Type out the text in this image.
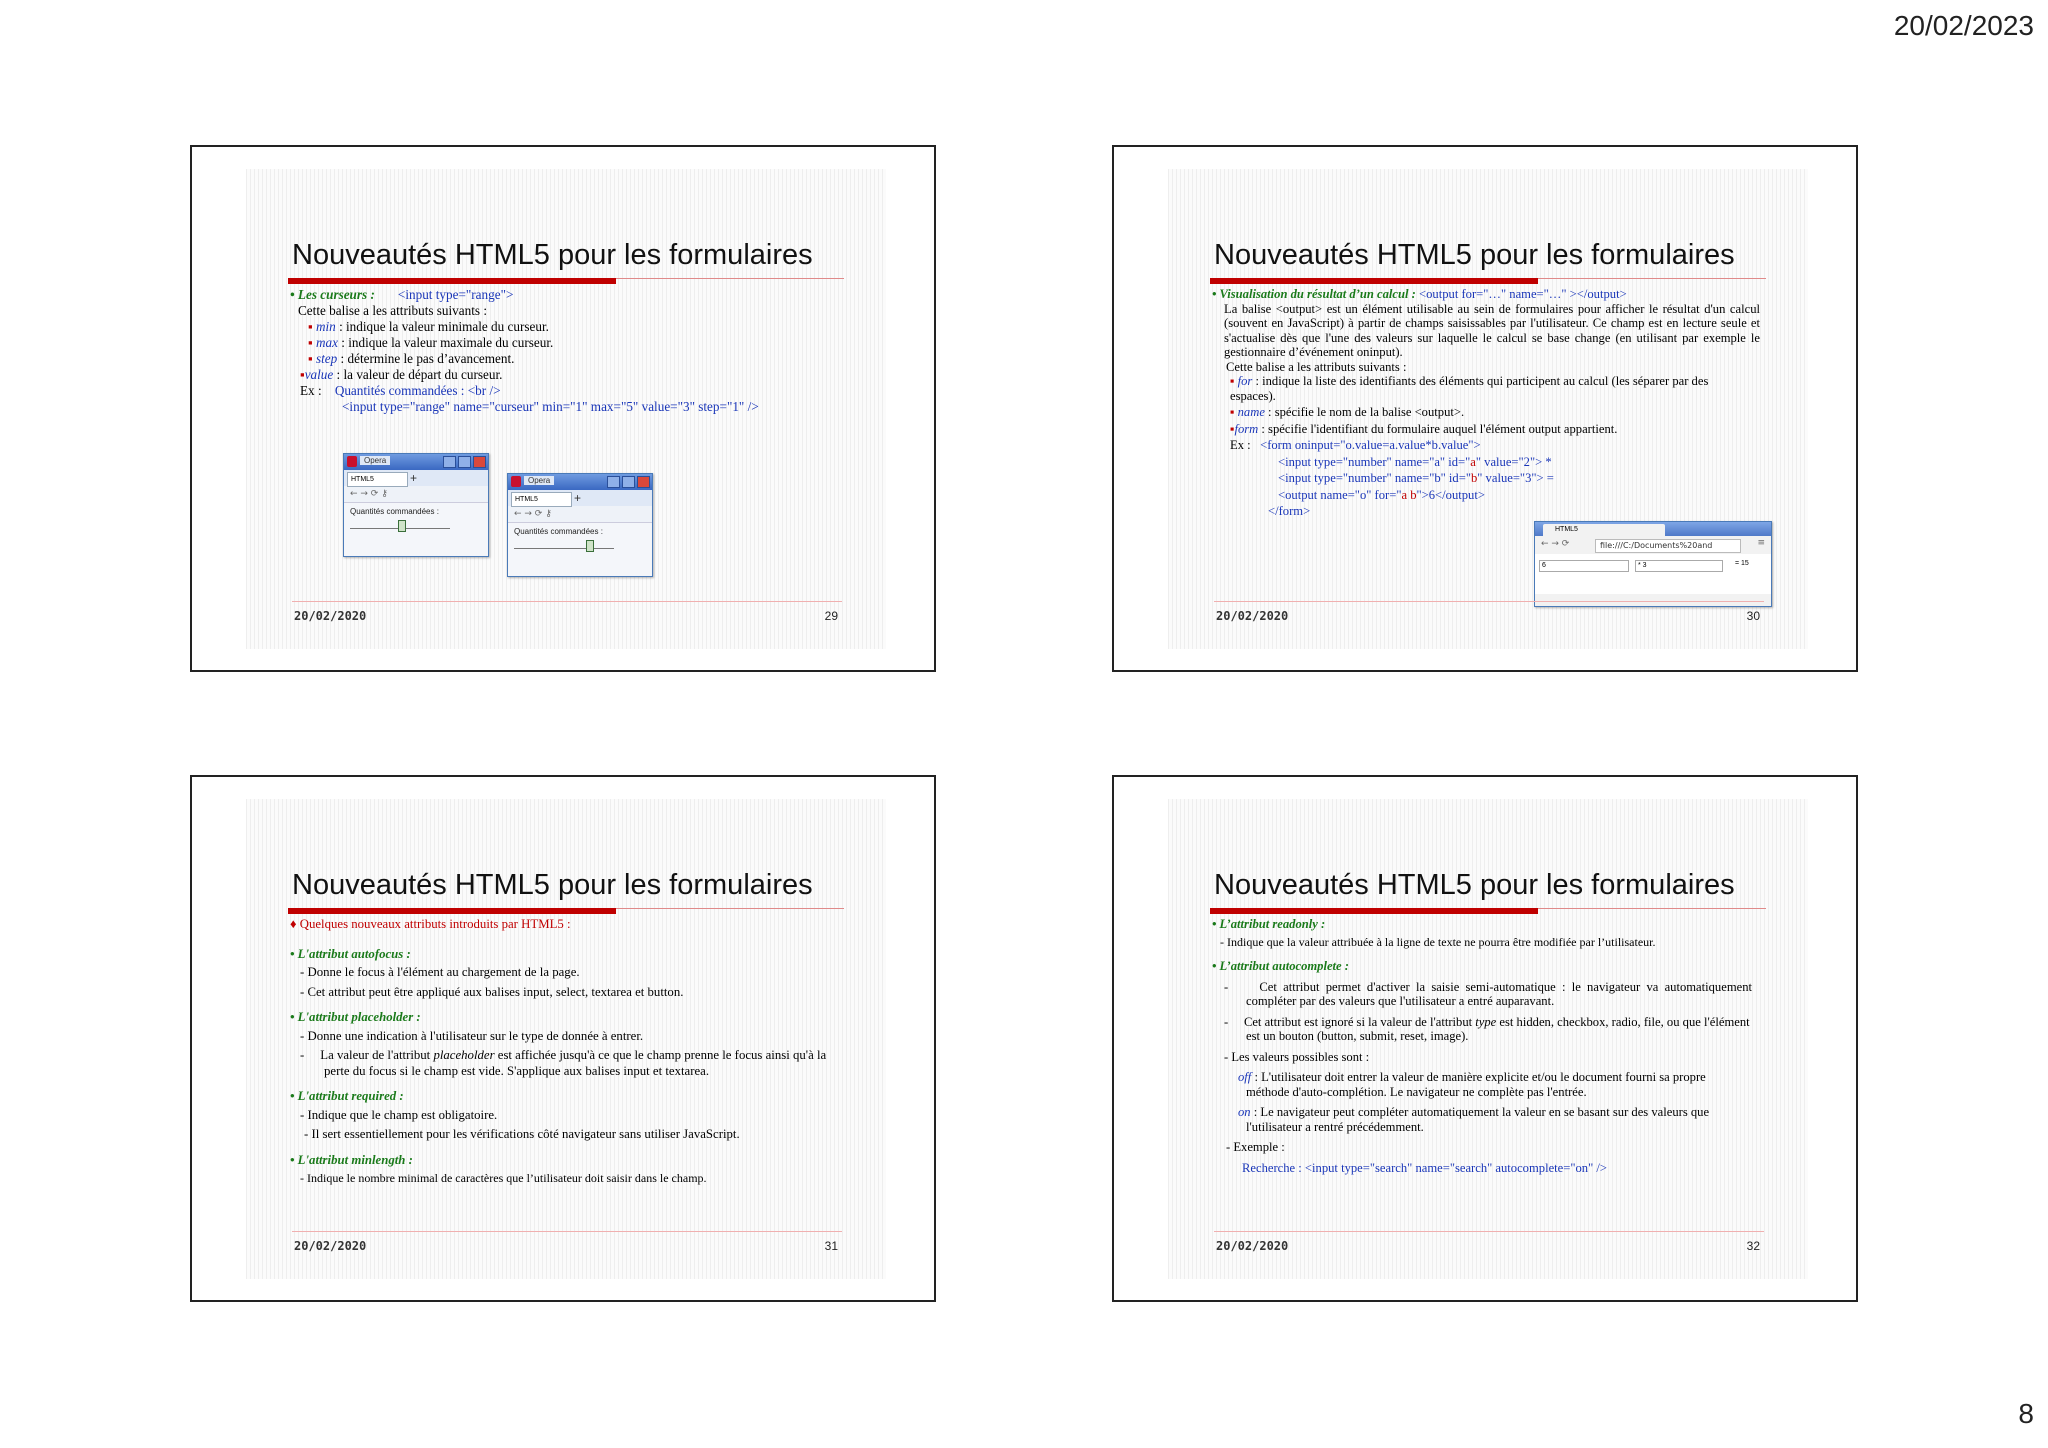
20/02/2023
Nouveautés HTML5 pour les formulaires

• Les curseurs : <input type="range">

Cette balise a les attributs suivants :

▪ min : indique la valeur minimale du curseur.

▪ max : indique la valeur maximale du curseur.

▪ step : détermine le pas d’avancement.

▪value : la valeur de départ du curseur.

Ex : Quantités commandées : <br />

<input type="range" name="curseur" min="1" max="5" value="3" step="1" />

Opera
HTML5	+
← → ⟳ ⚷
Quantités commandées :
Opera
HTML5	+
← → ⟳ ⚷
Quantités commandées :
20/02/2020	29
Nouveautés HTML5 pour les formulaires

• Visualisation du résultat d’un calcul : <output for="…" name="…" ></output>

La balise <output> est un élément utilisable au sein de formulaires pour afficher le résultat d'un calcul (souvent en JavaScript) à partir de champs saisissables par l'utilisateur. Ce champ est en lecture seule et s'actualise dès que l'une des valeurs sur laquelle le calcul se base change (en utilisant par exemple le gestionnaire d’événement oninput).

Cette balise a les attributs suivants :

▪ for : indique la liste des identifiants des éléments qui participent au calcul (les séparer par des espaces).

▪ name : spécifie le nom de la balise <output>.

▪form : spécifie l'identifiant du formulaire auquel l'élément output appartient.

Ex : <form oninput="o.value=a.value*b.value">

<input type="number" name="a" id="a" value="2"> *

<input type="number" name="b" id="b" value="3"> =

<output name="o" for="a b">6</output>

</form>

HTML5
← → ⟳	file:///C:/Documents%20and	≡
6	* 3	= 15
20/02/2020	30
Nouveautés HTML5 pour les formulaires

♦ Quelques nouveaux attributs introduits par HTML5 :

• L'attribut autofocus :

- Donne le focus à l'élément au chargement de la page.

- Cet attribut peut être appliqué aux balises input, select, textarea et button.

• L'attribut placeholder :

- Donne une indication à l'utilisateur sur le type de donnée à entrer.

-     La valeur de l'attribut placeholder est affichée jusqu'à ce que le champ prenne le focus ainsi qu'à la perte du focus si le champ est vide. S'applique aux balises input et textarea.

• L'attribut required :

- Indique que le champ est obligatoire.

- Il sert essentiellement pour les vérifications côté navigateur sans utiliser JavaScript.

• L'attribut minlength :

- Indique le nombre minimal de caractères que l’utilisateur doit saisir dans le champ.

20/02/2020	31
Nouveautés HTML5 pour les formulaires

• L’attribut readonly :

- Indique que la valeur attribuée à la ligne de texte ne pourra être modifiée par l’utilisateur.

• L’attribut autocomplete :

-     Cet attribut permet d'activer la saisie semi-automatique : le navigateur va automatiquement compléter par des valeurs que l'utilisateur a entré auparavant.

-     Cet attribut est ignoré si la valeur de l'attribut type est hidden, checkbox, radio, file, ou que l'élément est un bouton (button, submit, reset, image).

- Les valeurs possibles sont :

off : L'utilisateur doit entrer la valeur de manière explicite et/ou le document fourni sa propre méthode d'auto-complétion. Le navigateur ne complète pas l'entrée.

on : Le navigateur peut compléter automatiquement la valeur en se basant sur des valeurs que l'utilisateur a rentré précédemment.

- Exemple :

Recherche : <input type="search" name="search" autocomplete="on" />

20/02/2020	32
8
